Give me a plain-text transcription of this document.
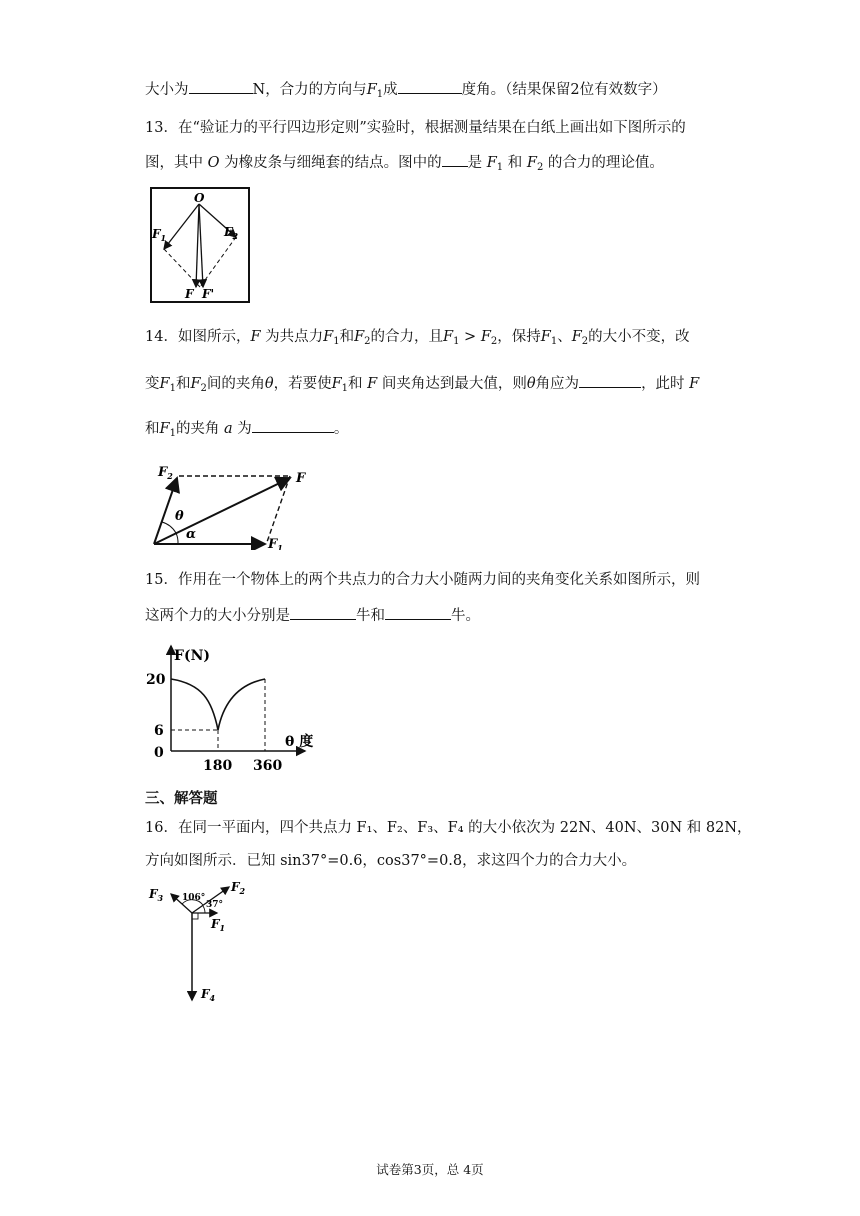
大小为	N，合力的方向与$F_1$成	度角。（结果保留2位有效数字）
13．在“验证力的平行四边形定则”实验时，根据测量结果在白纸上画出如下图所示的
图，其中 O 为橡皮条与细绳套的结点。图中的 是 $F_1$ 和 $F_2$ 的合力的理论值。
O
$F_1$	$F_2$
F F'
14．如图所示，F 为共点力$F_1$和$F_2$的合力，且$F_1 > F_2$，保持$F_1$、$F_2$的大小不变，改
变$F_1$和$F_2$间的夹角θ，若要使$F_1$和 F 间夹角达到最大值，则θ角应为	，此时 F
和$F_1$的夹角 a 为	。
$F_2$	F
$F_1$
θ
α
15．作用在一个物体上的两个共点力的合力大小随两力间的夹角变化关系如图所示，则
这两个力的大小分别是	牛和	牛。
F(N)
20
6
0
180 360
θ 度
三、解答题
16．在同一平面内，四个共点力 F₁、F₂、F₃、F₄ 的大小依次为 22N、40N、30N 和 82N，
方向如图所示．已知 sin37°=0.6，cos37°=0.8，求这四个力的合力大小。
$F_3$
$F_2$
$F_1$
$F_4$
106°
37°
试卷第3页，总 4页
